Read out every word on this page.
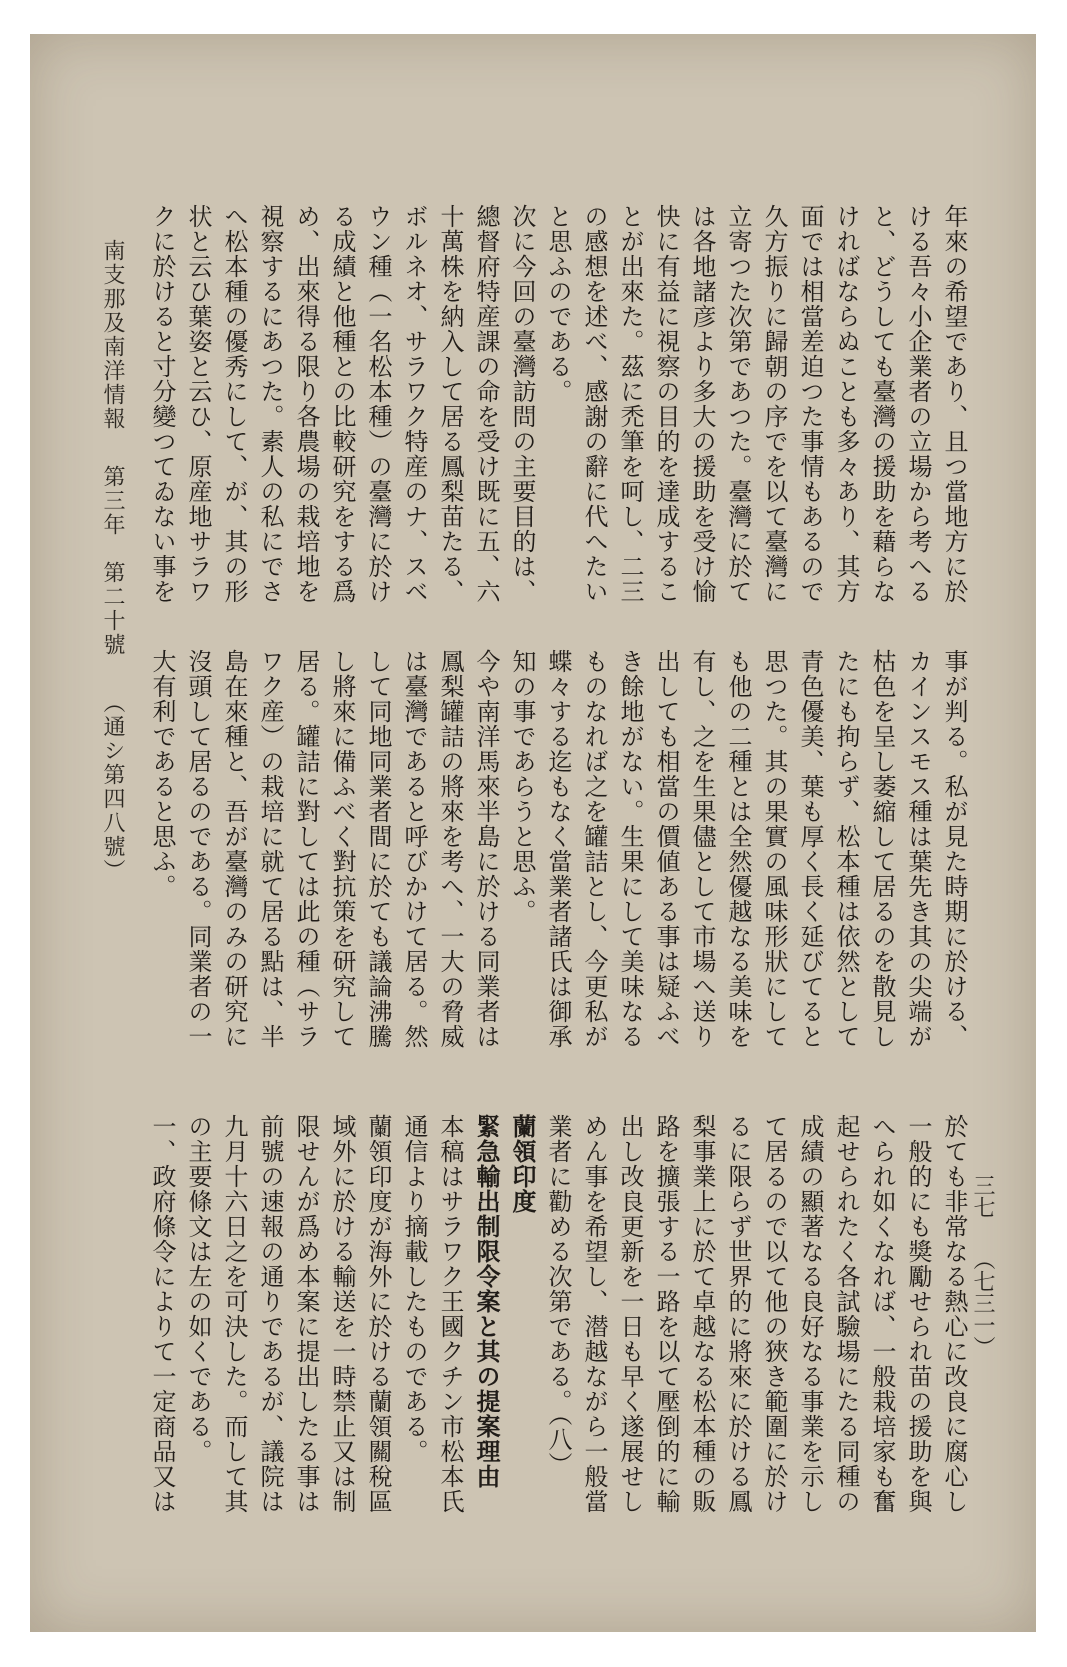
南支那及南洋情報
第三年　第二十號
（通シ第四八號）
三七
（七三一）

年來の希望であり、且つ當地方に於ける吾々小企業者の立場から考へると、どうしても臺灣の援助を藉らなければならぬことも多々あり、其方面では相當差迫つた事情もあるので久方振りに歸朝の序でを以て臺灣に立寄つた次第であつた。臺灣に於ては各地諸彦より多大の援助を受け愉快に有益に視察の目的を達成することが出來た。茲に禿筆を呵し、二三の感想を述べ、感謝の辭に代へたいと思ふのである。

次に今回の臺灣訪問の主要目的は、總督府特産課の命を受け既に五、六十萬株を納入して居る鳳梨苗たる、ボルネオ、サラワク特産のナ、スベウン種（一名松本種）の臺灣に於ける成績と他種との比較研究をする爲め、出來得る限り各農場の栽培地を視察するにあつた。素人の私にでさへ松本種の優秀にして、が、其の形状と云ひ葉姿と云ひ、原産地サラワクに於けると寸分變つてゐない事を

事が判る。私が見た時期に於ける、カインスモス種は葉先き其の尖端が枯色を呈し萎縮して居るのを散見したにも拘らず、松本種は依然として青色優美、葉も厚く長く延びてると思つた。其の果實の風味形狀にしても他の二種とは全然優越なる美味を有し、之を生果儘として市場へ送り出しても相當の價値ある事は疑ふべき餘地がない。生果にして美味なるものなれば之を罐詰とし、今更私が蝶々する迄もなく當業者諸氏は御承知の事であらうと思ふ。

今や南洋馬來半島に於ける同業者は鳳梨罐詰の將來を考へ、一大の脅威は臺灣であると呼びかけて居る。然して同地同業者間に於ても議論沸騰し將來に備ふべく對抗策を研究して居る。罐詰に對しては此の種（サラワク産）の栽培に就て居る點は、半島在來種と、吾が臺灣のみの研究に沒頭して居るのである。同業者の一大有利であると思ふ。

於ても非常なる熱心に改良に腐心し一般的にも獎勵せられ苗の援助を與へられ如くなれば、一般栽培家も奮起せられたく各試驗場にたる同種の成績の顯著なる良好なる事業を示して居るので以て他の狹き範圍に於けるに限らず世界的に將來に於ける鳳梨事業上に於て卓越なる松本種の販路を擴張する一路を以て壓倒的に輸出し改良更新を一日も早く遂展せしめん事を希望し、潜越ながら一般當業者に勸める次第である。（八）

蘭領印度

緊急輸出制限令案と其の提案理由

本稿はサラワク王國クチン市松本氏通信より摘載したものである。

蘭領印度が海外に於ける蘭領關稅區域外に於ける輸送を一時禁止又は制限せんが爲め本案に提出したる事は前號の速報の通りであるが、議院は九月十六日之を可決した。而して其の主要條文は左の如くである。

一、政府條令によりて一定商品又は
